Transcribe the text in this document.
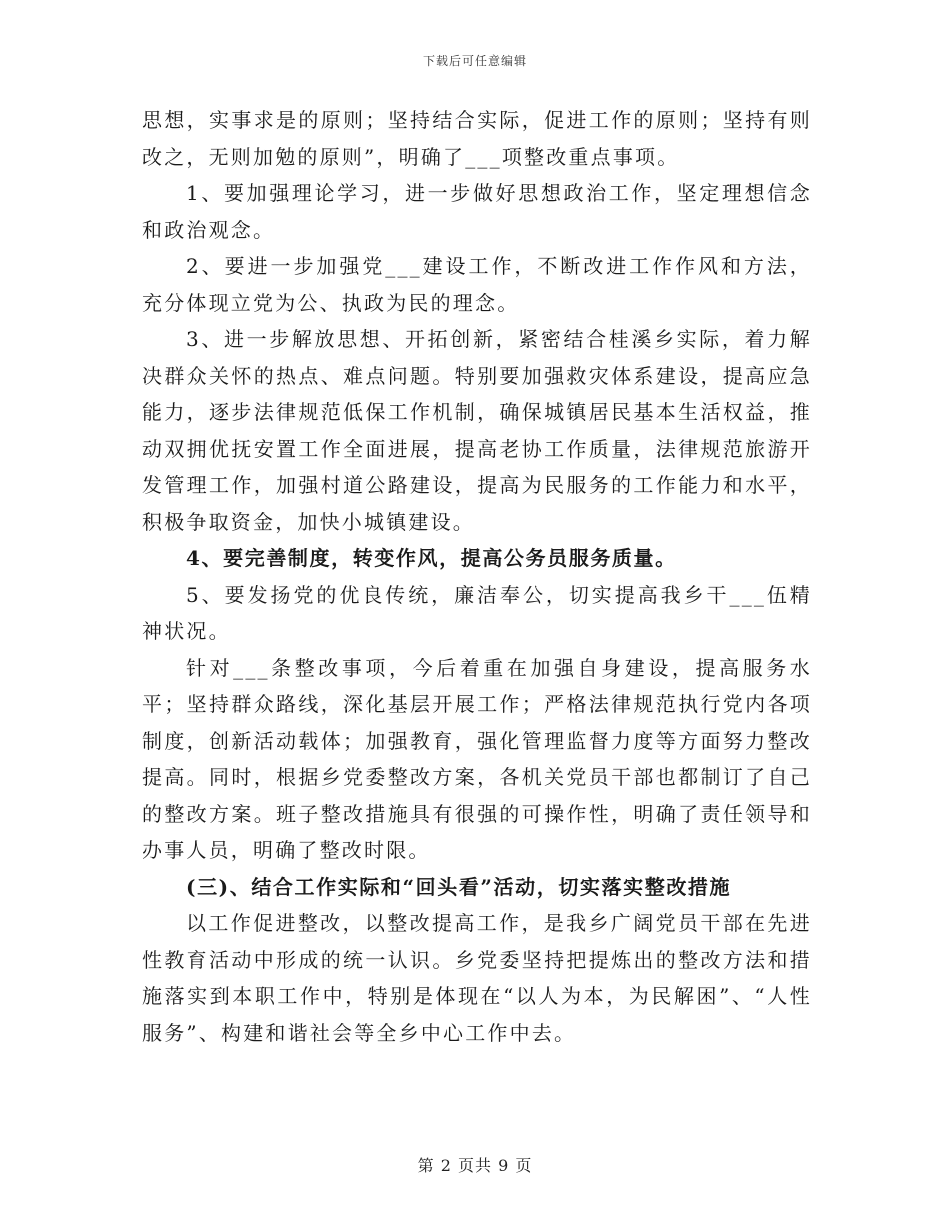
下载后可任意编辑

思想，实事求是的原则；坚持结合实际，促进工作的原则；坚持有则改之，无则加勉的原则”，明确了___项整改重点事项。

1、要加强理论学习，进一步做好思想政治工作，坚定理想信念和政治观念。

2、要进一步加强党___建设工作，不断改进工作作风和方法，充分体现立党为公、执政为民的理念。

3、进一步解放思想、开拓创新，紧密结合桂溪乡实际，着力解决群众关怀的热点、难点问题。特别要加强救灾体系建设，提高应急能力，逐步法律规范低保工作机制，确保城镇居民基本生活权益，推动双拥优抚安置工作全面进展，提高老协工作质量，法律规范旅游开发管理工作，加强村道公路建设，提高为民服务的工作能力和水平，积极争取资金，加快小城镇建设。

4、要完善制度，转变作风，提高公务员服务质量。

5、要发扬党的优良传统，廉洁奉公，切实提高我乡干___伍精神状况。

针对___条整改事项，今后着重在加强自身建设，提高服务水平；坚持群众路线，深化基层开展工作；严格法律规范执行党内各项制度，创新活动载体；加强教育，强化管理监督力度等方面努力整改提高。同时，根据乡党委整改方案，各机关党员干部也都制订了自己的整改方案。班子整改措施具有很强的可操作性，明确了责任领导和办事人员，明确了整改时限。

(三)、结合工作实际和“回头看”活动，切实落实整改措施

以工作促进整改，以整改提高工作，是我乡广阔党员干部在先进性教育活动中形成的统一认识。乡党委坚持把提炼出的整改方法和措施落实到本职工作中，特别是体现在“以人为本，为民解困”、“人性服务”、构建和谐社会等全乡中心工作中去。

第 2 页共 9 页
